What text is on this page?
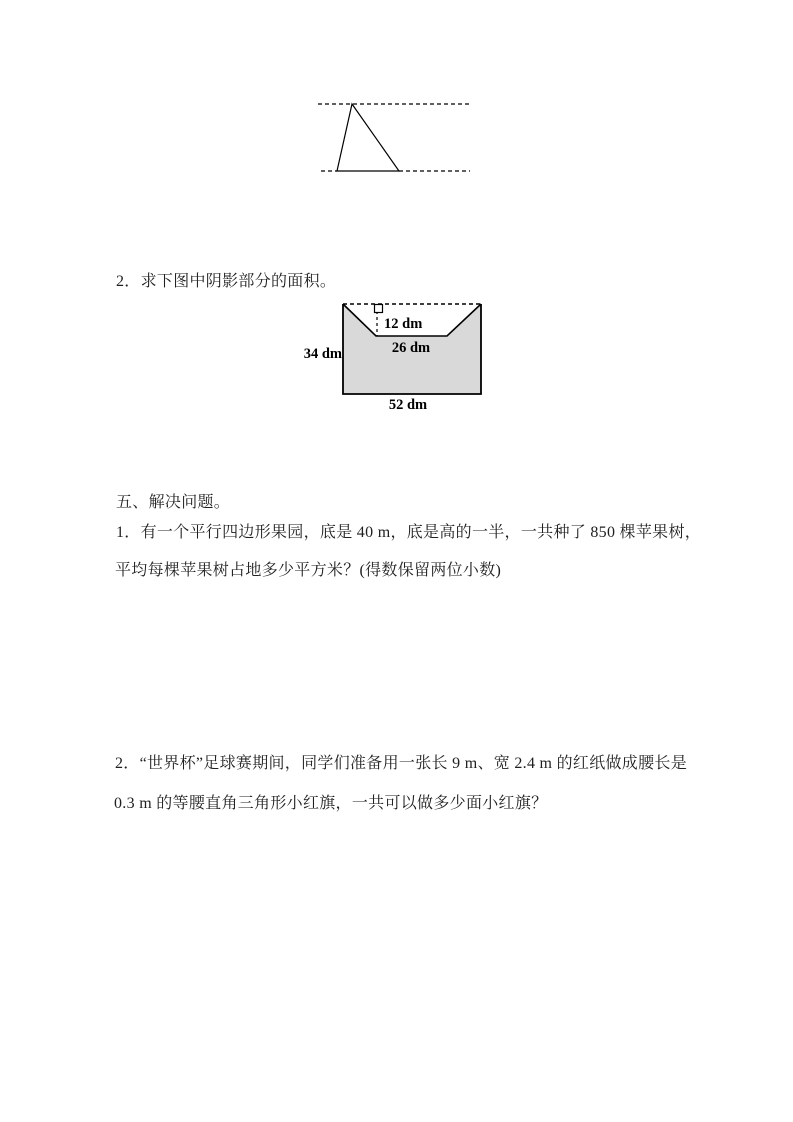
2．求下图中阴影部分的面积。
12 dm
26 dm
34 dm
52 dm
五、解决问题。
1．有一个平行四边形果园，底是 40 m，底是高的一半，一共种了 850 棵苹果树，
平均每棵苹果树占地多少平方米？(得数保留两位小数)
2．“世界杯”足球赛期间，同学们准备用一张长 9 m、宽 2.4 m 的红纸做成腰长是
0.3 m 的等腰直角三角形小红旗，一共可以做多少面小红旗？
